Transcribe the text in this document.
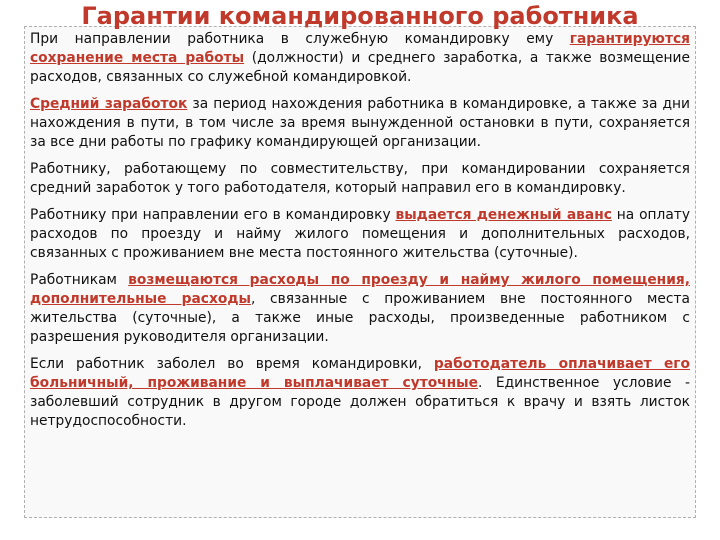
Гарантии командированного работника

При направлении работника в служебную командировку ему гарантируются сохранение места работы (должности) и среднего заработка, а также возмещение расходов, связанных со служебной командировкой.

Средний заработок за период нахождения работника в командировке, а также за дни нахождения в пути, в том числе за время вынужденной остановки в пути, сохраняется за все дни работы по графику командирующей организации.

Работнику, работающему по совместительству, при командировании сохраняется средний заработок у того работодателя, который направил его в командировку.

Работнику при направлении его в командировку выдается денежный аванс на оплату расходов по проезду и найму жилого помещения и дополнительных расходов, связанных с проживанием вне места постоянного жительства (суточные).

Работникам возмещаются расходы по проезду и найму жилого помещения, дополнительные расходы, связанные с проживанием вне постоянного места жительства (суточные), а также иные расходы, произведенные работником с разрешения руководителя организации.

Если работник заболел во время командировки, работодатель оплачивает его больничный, проживание и выплачивает суточные. Единственное условие - заболевший сотрудник в другом городе должен обратиться к врачу и взять листок нетрудоспособности.
